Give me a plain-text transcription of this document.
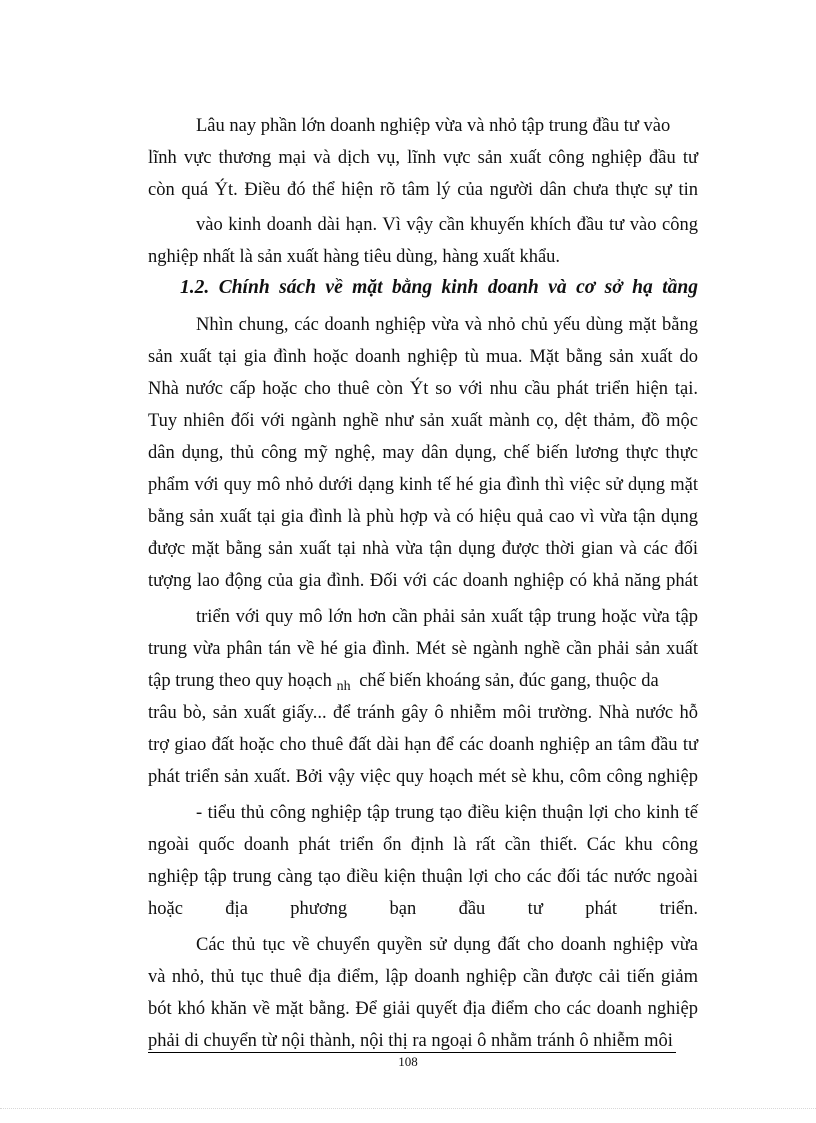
Lâu nay phần lớn doanh nghiệp vừa và nhỏ tập trung đầu tư vào
lĩnh vực thương mại và dịch vụ, lĩnh vực sản xuất công nghiệp đầu tư
còn quá Ýt. Điều đó thể hiện rõ tâm lý của người dân chưa thực sự tin
vào kinh doanh dài hạn. Vì vậy cần khuyến khích đầu tư vào công
nghiệp nhất là sản xuất hàng tiêu dùng, hàng xuất khẩu.
1.2. Chính sách về mặt bằng kinh doanh và cơ sở hạ tầng
Nhìn chung, các doanh nghiệp vừa và nhỏ chủ yếu dùng mặt bằng
sản xuất tại gia đình hoặc doanh nghiệp tù mua. Mặt bằng sản xuất do
Nhà nước cấp hoặc cho thuê còn Ýt so với nhu cầu phát triển hiện tại.
Tuy nhiên đối với ngành nghề như sản xuất mành cọ, dệt thảm, đồ mộc
dân dụng, thủ công mỹ nghệ, may dân dụng, chế biến lương thực thực
phẩm với quy mô nhỏ dưới dạng kinh tế hé gia đình thì việc sử dụng mặt
bằng sản xuất tại gia đình là phù hợp và có hiệu quả cao vì vừa tận dụng
được mặt bằng sản xuất tại nhà vừa tận dụng được thời gian và các đối
tượng lao động của gia đình. Đối với các doanh nghiệp có khả năng phát
triển với quy mô lớn hơn cần phải sản xuất tập trung hoặc vừa tập
trung vừa phân tán về hé gia đình. Mét sè ngành nghề cần phải sản xuất
tập trung theo quy hoạch $_{nh}$ chế biến khoáng sản, đúc gang, thuộc da
trâu bò, sản xuất giấy... để tránh gây ô nhiễm môi trường. Nhà nước hỗ
trợ giao đất hoặc cho thuê đất dài hạn để các doanh nghiệp an tâm đầu tư
phát triển sản xuất. Bởi vậy việc quy hoạch mét sè khu, côm công nghiệp
- tiểu thủ công nghiệp tập trung tạo điều kiện thuận lợi cho kinh tế
ngoài quốc doanh phát triển ổn định là rất cần thiết. Các khu công
nghiệp tập trung càng tạo điều kiện thuận lợi cho các đối tác nước ngoài
hoặc địa phương bạn đầu tư phát triển.
Các thủ tục về chuyển quyền sử dụng đất cho doanh nghiệp vừa
và nhỏ, thủ tục thuê địa điểm, lập doanh nghiệp cần được cải tiến giảm
bót khó khăn về mặt bằng. Để giải quyết địa điểm cho các doanh nghiệp
phải di chuyển từ nội thành, nội thị ra ngoại ô nhằm tránh ô nhiễm môi
108
